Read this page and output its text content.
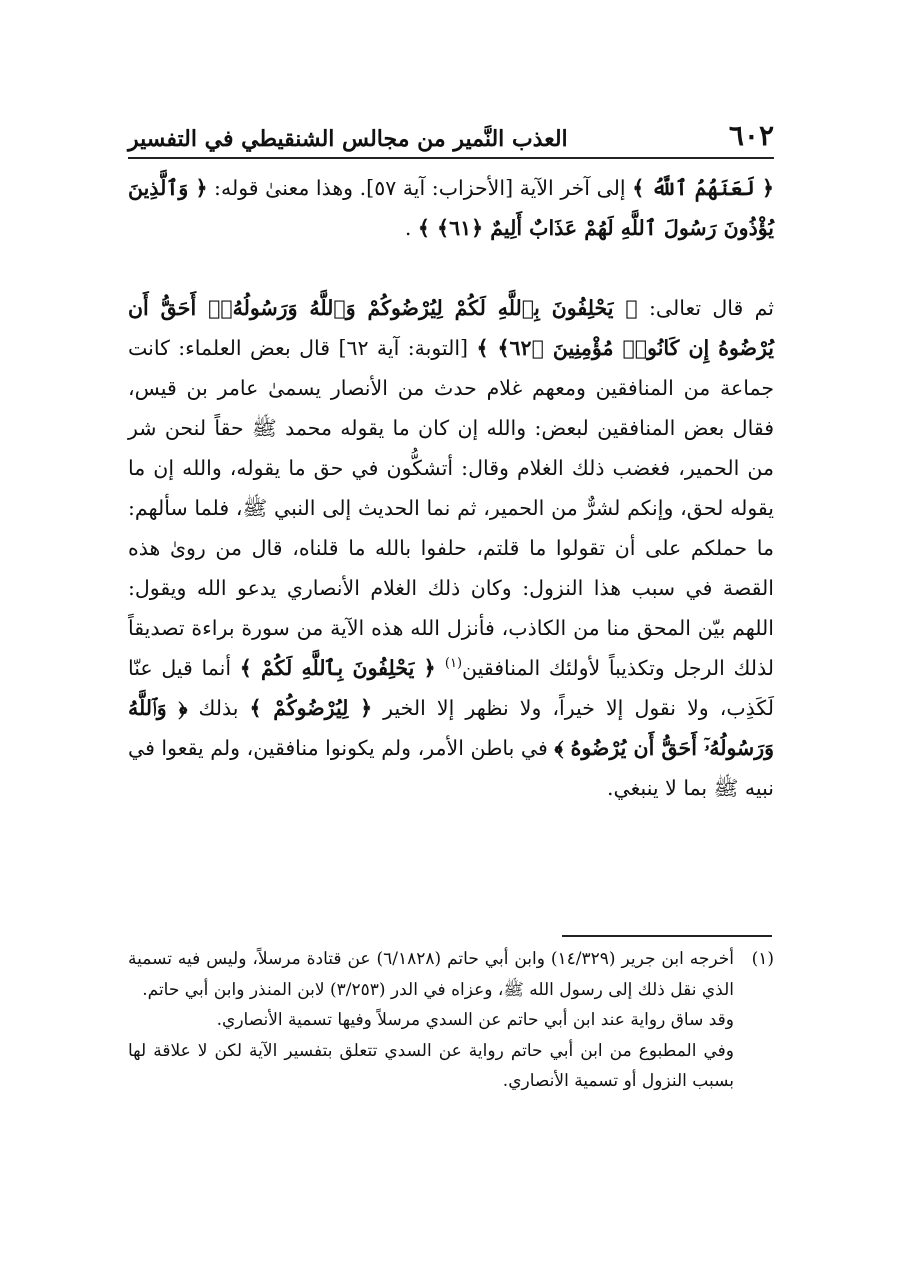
٦٠٢
العذب النَّمير من مجالس الشنقيطي في التفسير

﴿ لَعَنَهُمُ ٱللَّهُ ﴾ إلى آخر الآية [الأحزاب: آية ٥٧]. وهذا معنىٰ قوله: ﴿ وَٱلَّذِينَ يُؤْذُونَ رَسُولَ ٱللَّهِ لَهُمْ عَذَابٌ أَلِيمٌ ﴿٦١﴾ ﴾ .

ثم قال تعالى: ﴿ يَحْلِفُونَ بِٱللَّهِ لَكُمْ لِيُرْضُوكُمْ وَٱللَّهُ وَرَسُولُهُۥٓ أَحَقُّ أَن يُرْضُوهُ إِن كَانُوا۟ مُؤْمِنِينَ ﴿٦٢﴾ ﴾ [التوبة: آية ٦٢] قال بعض العلماء: كانت جماعة من المنافقين ومعهم غلام حدث من الأنصار يسمىٰ عامر بن قيس، فقال بعض المنافقين لبعض: والله إن كان ما يقوله محمد ﷺ حقاً لنحن شر من الحمير، فغضب ذلك الغلام وقال: أتشكُّون في حق ما يقوله، والله إن ما يقوله لحق، وإنكم لشرٌّ من الحمير، ثم نما الحديث إلى النبي ﷺ، فلما سألهم: ما حملكم على أن تقولوا ما قلتم، حلفوا بالله ما قلناه، قال من روىٰ هذه القصة في سبب هذا النزول: وكان ذلك الغلام الأنصاري يدعو الله ويقول: اللهم بيّن المحق منا من الكاذب، فأنزل الله هذه الآية من سورة براءة تصديقاً لذلك الرجل وتكذيباً لأولئك المنافقين$^{(١)}$ ﴿ يَحْلِفُونَ بِٱللَّهِ لَكُمْ ﴾ أنما قيل عنّا لَكَذِب، ولا نقول إلا خيراً، ولا نظهر إلا الخير ﴿ لِيُرْضُوكُمْ ﴾ بذلك ﴿ وَٱللَّهُ وَرَسُولُهُۥٓ أَحَقُّ أَن يُرْضُوهُ ﴾ في باطن الأمر، ولم يكونوا منافقين، ولم يقعوا في نبيه ﷺ بما لا ينبغي.

(١)
أخرجه ابن جرير (١٤/٣٢٩) وابن أبي حاتم (٦/١٨٢٨) عن قتادة مرسلاً، وليس فيه تسمية الذي نقل ذلك إلى رسول الله ﷺ، وعزاه في الدر (٣/٢٥٣) لابن المنذر وابن أبي حاتم.

وقد ساق رواية عند ابن أبي حاتم عن السدي مرسلاً وفيها تسمية الأنصاري.

وفي المطبوع من ابن أبي حاتم رواية عن السدي تتعلق بتفسير الآية لكن لا علاقة لها بسبب النزول أو تسمية الأنصاري.
